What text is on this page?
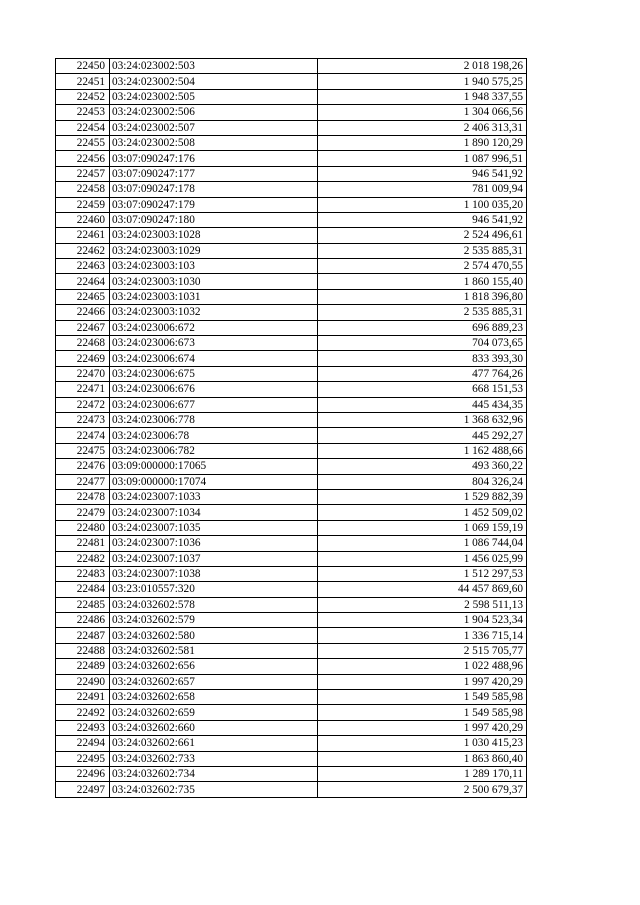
22450	03:24:023002:503	2 018 198,26
22451	03:24:023002:504	1 940 575,25
22452	03:24:023002:505	1 948 337,55
22453	03:24:023002:506	1 304 066,56
22454	03:24:023002:507	2 406 313,31
22455	03:24:023002:508	1 890 120,29
22456	03:07:090247:176	1 087 996,51
22457	03:07:090247:177	946 541,92
22458	03:07:090247:178	781 009,94
22459	03:07:090247:179	1 100 035,20
22460	03:07:090247:180	946 541,92
22461	03:24:023003:1028	2 524 496,61
22462	03:24:023003:1029	2 535 885,31
22463	03:24:023003:103	2 574 470,55
22464	03:24:023003:1030	1 860 155,40
22465	03:24:023003:1031	1 818 396,80
22466	03:24:023003:1032	2 535 885,31
22467	03:24:023006:672	696 889,23
22468	03:24:023006:673	704 073,65
22469	03:24:023006:674	833 393,30
22470	03:24:023006:675	477 764,26
22471	03:24:023006:676	668 151,53
22472	03:24:023006:677	445 434,35
22473	03:24:023006:778	1 368 632,96
22474	03:24:023006:78	445 292,27
22475	03:24:023006:782	1 162 488,66
22476	03:09:000000:17065	493 360,22
22477	03:09:000000:17074	804 326,24
22478	03:24:023007:1033	1 529 882,39
22479	03:24:023007:1034	1 452 509,02
22480	03:24:023007:1035	1 069 159,19
22481	03:24:023007:1036	1 086 744,04
22482	03:24:023007:1037	1 456 025,99
22483	03:24:023007:1038	1 512 297,53
22484	03:23:010557:320	44 457 869,60
22485	03:24:032602:578	2 598 511,13
22486	03:24:032602:579	1 904 523,34
22487	03:24:032602:580	1 336 715,14
22488	03:24:032602:581	2 515 705,77
22489	03:24:032602:656	1 022 488,96
22490	03:24:032602:657	1 997 420,29
22491	03:24:032602:658	1 549 585,98
22492	03:24:032602:659	1 549 585,98
22493	03:24:032602:660	1 997 420,29
22494	03:24:032602:661	1 030 415,23
22495	03:24:032602:733	1 863 860,40
22496	03:24:032602:734	1 289 170,11
22497	03:24:032602:735	2 500 679,37
